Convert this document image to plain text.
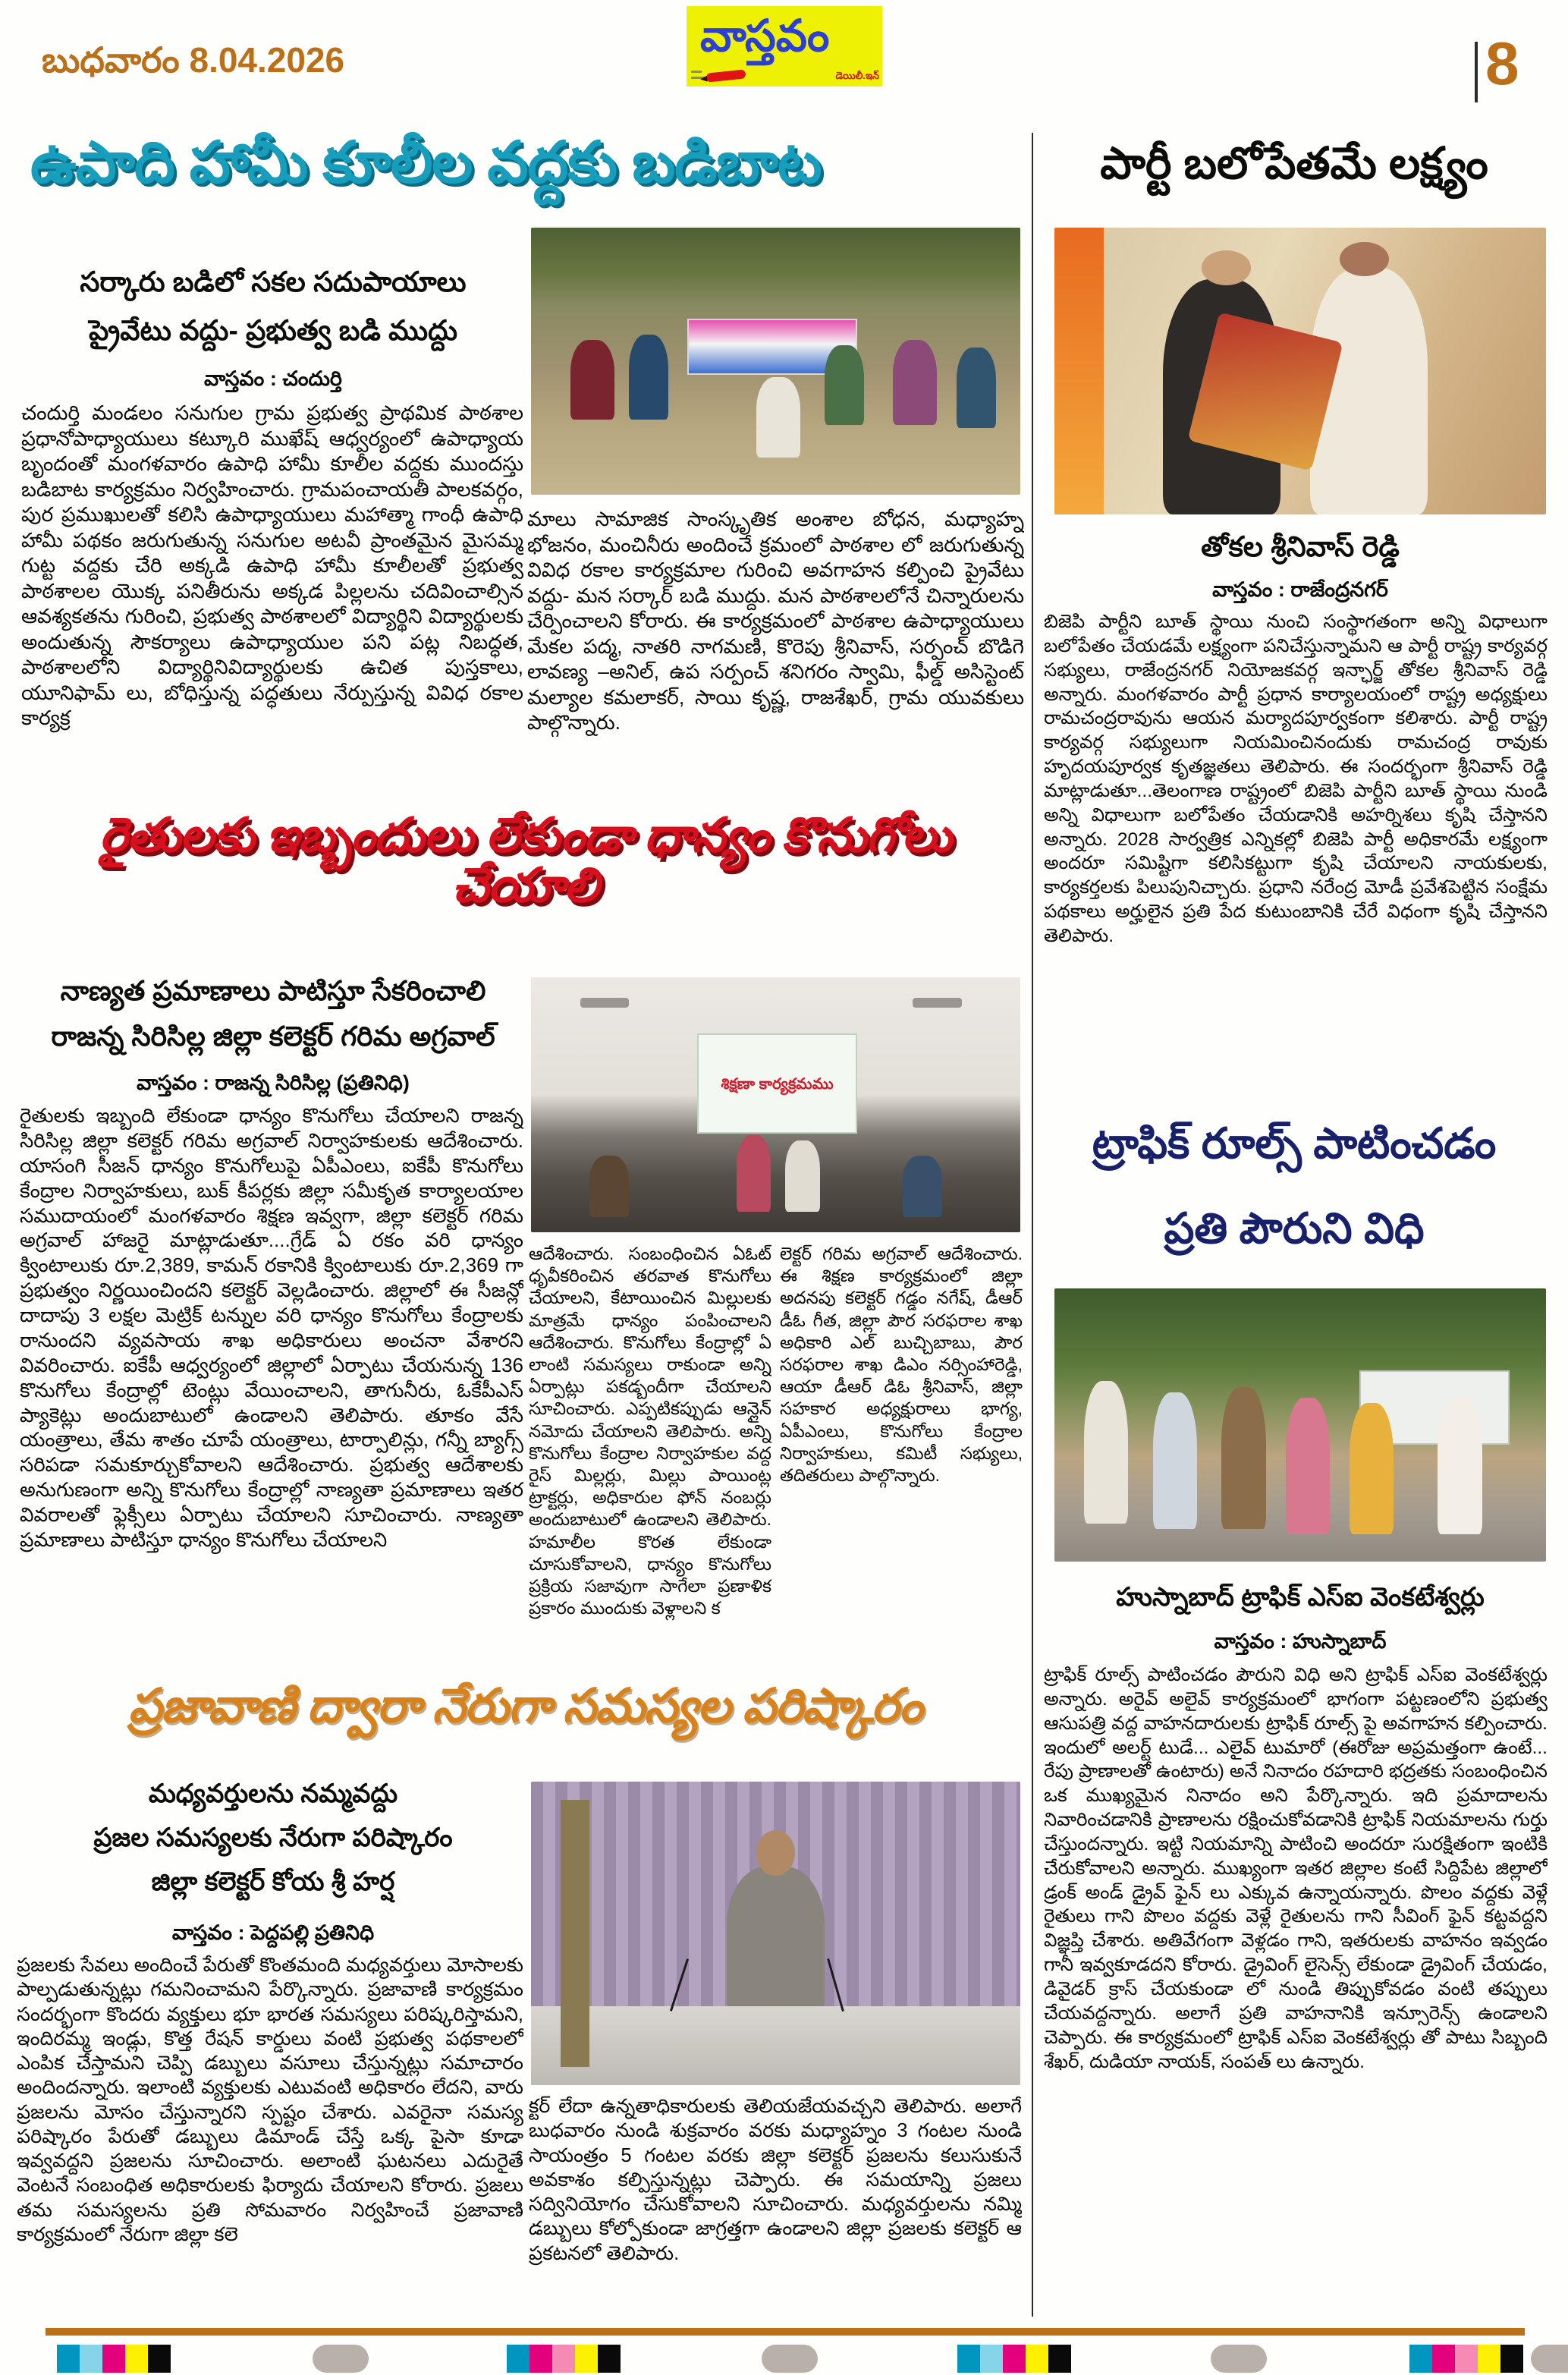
బుధవారం 8.04.2026	వాస్తవం
డెయిలీ.ఇన్	8
ఉపాది హామీ కూలీల వద్దకు బడిబాట
సర్కారు బడిలో సకల సదుపాయాలు
ప్రైవేటు వద్దు- ప్రభుత్వ బడి ముద్దు
వాస్తవం : చందుర్తి
చందుర్తి మండలం సనుగుల గ్రామ ప్రభుత్వ ప్రాథమిక పాఠశాల ప్రధానోపాధ్యాయులు కట్కూరి ముఖేష్ ఆధ్వర్యంలో ఉపాధ్యాయ బృందంతో మంగళవారం ఉపాధి హామీ కూలీల వద్దకు ముందస్తు బడిబాట కార్యక్రమం నిర్వహించారు. గ్రామపంచాయతీ పాలకవర్గం, పుర ప్రముఖులతో కలిసి ఉపాధ్యాయులు మహాత్మా గాంధీ ఉపాధి హామీ పథకం జరుగుతున్న సనుగుల అటవీ ప్రాంతమైన మైసమ్మ గుట్ట వద్దకు చేరి అక్కడి ఉపాధి హామీ కూలీలతో ప్రభుత్వ పాఠశాలల యొక్క పనితీరును అక్కడ పిల్లలను చదివించాల్సిన ఆవశ్యకతను గురించి, ప్రభుత్వ పాఠశాలలో విద్యార్థిని విద్యార్థులకు అందుతున్న సౌకర్యాలు ఉపాధ్యాయుల పని పట్ల నిబద్ధత, పాఠశాలలోని విద్యార్థినివిద్యార్థులకు ఉచిత పుస్తకాలు, యూనిఫామ్ లు, బోధిస్తున్న పద్ధతులు నేర్పుస్తున్న వివిధ రకాల కార్యక్ర
మాలు సామాజిక సాంస్కృతిక అంశాల బోధన, మధ్యాహ్న భోజనం, మంచినీరు అందించే క్రమంలో పాఠశాల లో జరుగుతున్న వివిధ రకాల కార్యక్రమాల గురించి అవగాహన కల్పించి ప్రైవేటు వద్దు- మన సర్కార్ బడి ముద్దు. మన పాఠశాలలోనే చిన్నారులను చేర్పించాలని కోరారు. ఈ కార్యక్రమంలో పాఠశాల ఉపాధ్యాయులు మేకల పద్మ, నాతరి నాగమణి, కొరెపు శ్రీనివాస్, సర్పంచ్ బొడిగె లావణ్య –అనిల్, ఉప సర్పంచ్ శనిగరం స్వామి, ఫీల్డ్ అసిస్టెంట్ మల్యాల కమలాకర్, సాయి కృష్ణ, రాజశేఖర్, గ్రామ యువకులు పాల్గొన్నారు.
పార్టీ బలోపేతమే లక్ష్యం
తోకల శ్రీనివాస్ రెడ్డి
వాస్తవం : రాజేంద్రనగర్
బిజెపి పార్టీని బూత్ స్థాయి నుంచి సంస్థాగతంగా అన్ని విధాలుగా బలోపేతం చేయడమే లక్ష్యంగా పనిచేస్తున్నామని ఆ పార్టీ రాష్ట్ర కార్యవర్గ సభ్యులు, రాజేంద్రనగర్ నియోజకవర్గ ఇన్ఛార్జ్ తోకల శ్రీనివాస్ రెడ్డి అన్నారు. మంగళవారం పార్టీ ప్రధాన కార్యాలయంలో రాష్ట్ర అధ్యక్షులు రామచంద్రరావును ఆయన మర్యాదపూర్వకంగా కలిశారు. పార్టీ రాష్ట్ర కార్యవర్గ సభ్యులుగా నియమించినందుకు రామచంద్ర రావుకు హృదయపూర్వక కృతజ్ఞతలు తెలిపారు. ఈ సందర్భంగా శ్రీనివాస్ రెడ్డి మాట్లాడుతూ...తెలంగాణ రాష్ట్రంలో బిజెపి పార్టీని బూత్ స్థాయి నుండి అన్ని విధాలుగా బలోపేతం చేయడానికి అహర్నిశలు కృషి చేస్తానని అన్నారు. 2028 సార్వత్రిక ఎన్నికల్లో బిజెపి పార్టీ అధికారమే లక్ష్యంగా అందరూ సమిష్టిగా కలిసికట్టుగా కృషి చేయాలని నాయకులకు, కార్యకర్తలకు పిలుపునిచ్చారు. ప్రధాని నరేంద్ర మోడీ ప్రవేశపెట్టిన సంక్షేమ పథకాలు అర్హులైన ప్రతి పేద కుటుంబానికి చేరే విధంగా కృషి చేస్తానని తెలిపారు.
రైతులకు ఇబ్బందులు లేకుండా ధాన్యం కొనుగోలు చేయాలి
నాణ్యత ప్రమాణాలు పాటిస్తూ సేకరించాలి
రాజన్న సిరిసిల్ల జిల్లా కలెక్టర్ గరిమ అగ్రవాల్
వాస్తవం : రాజన్న సిరిసిల్ల (ప్రతినిధి)
రైతులకు ఇబ్బంది లేకుండా ధాన్యం కొనుగోలు చేయాలని రాజన్న సిరిసిల్ల జిల్లా కలెక్టర్ గరిమ అగ్రవాల్ నిర్వాహకులకు ఆదేశించారు. యాసంగి సీజన్ ధాన్యం కొనుగోలుపై ఏపీఎంలు, ఐకేపీ కొనుగోలు కేంద్రాల నిర్వాహకులు, బుక్ కీపర్లకు జిల్లా సమీకృత కార్యాలయాల సముదాయంలో మంగళవారం శిక్షణ ఇవ్వగా, జిల్లా కలెక్టర్ గరిమ అగ్రవాల్ హాజరై మాట్లాడుతూ....గ్రేడ్ ఏ రకం వరి ధాన్యం క్వింటాలుకు రూ.2,389, కామన్ రకానికి క్వింటాలుకు రూ.2,369 గా ప్రభుత్వం నిర్ణయించిందని కలెక్టర్ వెల్లడించారు. జిల్లాలో ఈ సీజన్లో దాదాపు 3 లక్షల మెట్రిక్ టన్నుల వరి ధాన్యం కొనుగోలు కేంద్రాలకు రానుందని వ్యవసాయ శాఖ అధికారులు అంచనా వేశారని వివరించారు. ఐకేపీ ఆధ్వర్యంలో జిల్లాలో ఏర్పాటు చేయనున్న 136 కొనుగోలు కేంద్రాల్లో టెంట్లు వేయించాలని, తాగునీరు, ఓకేపీఎస్ ప్యాకెట్లు అందుబాటులో ఉండాలని తెలిపారు. తూకం వేసే యంత్రాలు, తేమ శాతం చూపే యంత్రాలు, టార్పాలిన్లు, గన్నీ బ్యాగ్స్ సరిపడా సమకూర్చుకోవాలని ఆదేశించారు. ప్రభుత్వ ఆదేశాలకు అనుగుణంగా అన్ని కొనుగోలు కేంద్రాల్లో నాణ్యతా ప్రమాణాలు ఇతర వివరాలతో ఫ్లెక్సీలు ఏర్పాటు చేయాలని సూచించారు. నాణ్యతా ప్రమాణాలు పాటిస్తూ ధాన్యం కొనుగోలు చేయాలని
శిక్షణా కార్యక్రమము
ఆదేశించారు. సంబంధించిన ఏఓట్ ధృవీకరించిన తరవాత కొనుగోలు చేయాలని, కేటాయించిన మిల్లులకు మాత్రమే ధాన్యం పంపించాలని ఆదేశించారు. కొనుగోలు కేంద్రాల్లో ఏ లాంటి సమస్యలు రాకుండా అన్ని ఏర్పాట్లు పకడ్బందీగా చేయాలని సూచించారు. ఎప్పటికప్పుడు ఆన్లైన్ నమోదు చేయాలని తెలిపారు. అన్ని కొనుగోలు కేంద్రాల నిర్వాహకుల వద్ద రైస్ మిల్లర్లు, మిల్లు పాయింట్ల ట్రాక్టర్లు, అధికారుల ఫోన్ నంబర్లు అందుబాటులో ఉండాలని తెలిపారు. హమాలీల కొరత లేకుండా చూసుకోవాలని, ధాన్యం కొనుగోలు ప్రక్రియ సజావుగా సాగేలా ప్రణాళిక ప్రకారం ముందుకు వెళ్లాలని క
లెక్టర్ గరిమ అగ్రవాల్ ఆదేశించారు. ఈ శిక్షణ కార్యక్రమంలో జిల్లా అదనపు కలెక్టర్ గడ్డం నగేష్, డీఆర్ డీఓ గీత, జిల్లా పౌర సరఫరాల శాఖ అధికారి ఎల్ బుచ్చిబాబు, పౌర సరఫరాల శాఖ డిఎం నర్సింహారెడ్డి, ఆయా డీఆర్ డిఓ శ్రీనివాస్, జిల్లా సహకార అధ్యక్షురాలు భాగ్య, ఏపీఎంలు, కొనుగోలు కేంద్రాల నిర్వాహకులు, కమిటీ సభ్యులు, తదితరులు పాల్గొన్నారు.
ట్రాఫిక్ రూల్స్ పాటించడం
ప్రతి పౌరుని విధి
హుస్నాబాద్ ట్రాఫిక్ ఎస్ఐ వెంకటేశ్వర్లు
వాస్తవం : హుస్నాబాద్
ట్రాఫిక్ రూల్స్ పాటించడం పౌరుని విధి అని ట్రాఫిక్ ఎస్ఐ వెంకటేశ్వర్లు అన్నారు. అరైవ్ అలైవ్ కార్యక్రమంలో భాగంగా పట్టణంలోని ప్రభుత్వ ఆసుపత్రి వద్ద వాహనదారులకు ట్రాఫిక్ రూల్స్ పై అవగాహన కల్పించారు. ఇందులో అలర్ట్ టుడే... ఎలైవ్ టుమారో (ఈరోజు అప్రమత్తంగా ఉంటే... రేపు ప్రాణాలతో ఉంటారు) అనే నినాదం రహదారి భద్రతకు సంబంధించిన ఒక ముఖ్యమైన నినాదం అని పేర్కొన్నారు. ఇది ప్రమాదాలను నివారించడానికి ప్రాణాలను రక్షించుకోవడానికి ట్రాఫిక్ నియమాలను గుర్తు చేస్తుందన్నారు. ఇట్టి నియమాన్ని పాటించి అందరూ సురక్షితంగా ఇంటికి చేరుకోవాలని అన్నారు. ముఖ్యంగా ఇతర జిల్లాల కంటే సిద్దిపేట జిల్లాలో డ్రంక్ అండ్ డ్రైవ్ ఫైన్ లు ఎక్కువ ఉన్నాయన్నారు. పొలం వద్దకు వెళ్లే రైతులు గాని పొలం వద్దకు వెళ్లే రైతులను గాని సీవింగ్ ఫైన్ కట్టవద్దని విజ్ఞప్తి చేశారు. అతివేగంగా వెళ్లడం గాని, ఇతరులకు వాహనం ఇవ్వడం గానీ ఇవ్వకూడదని కోరారు. డ్రైవింగ్ లైసెన్స్ లేకుండా డ్రైవింగ్ చేయడం, డివైడర్ క్రాస్ చేయకుండా లో నుండి తిప్పుకోవడం వంటి తప్పులు చేయవద్దన్నారు. అలాగే ప్రతి వాహనానికి ఇన్సూరెన్స్ ఉండాలని చెప్పారు. ఈ కార్యక్రమంలో ట్రాఫిక్ ఎస్ఐ వెంకటేశ్వర్లు తో పాటు సిబ్బంది శేఖర్, దుడియా నాయక్, సంపత్ లు ఉన్నారు.
ప్రజావాణి ద్వారా నేరుగా సమస్యల పరిష్కారం
మధ్యవర్తులను నమ్మవద్దు
ప్రజల సమస్యలకు నేరుగా పరిష్కారం
జిల్లా కలెక్టర్ కోయ శ్రీ హర్ష
వాస్తవం : పెద్దపల్లి ప్రతినిధి
ప్రజలకు సేవలు అందించే పేరుతో కొంతమంది మధ్యవర్తులు మోసాలకు పాల్పడుతున్నట్లు గమనించామని పేర్కొన్నారు. ప్రజావాణి కార్యక్రమం సందర్భంగా కొందరు వ్యక్తులు భూ భారత సమస్యలు పరిష్కరిస్తామని, ఇందిరమ్మ ఇండ్లు, కొత్త రేషన్ కార్డులు వంటి ప్రభుత్వ పథకాలలో ఎంపిక చేస్తామని చెప్పి డబ్బులు వసూలు చేస్తున్నట్లు సమాచారం అందిందన్నారు. ఇలాంటి వ్యక్తులకు ఎటువంటి అధికారం లేదని, వారు ప్రజలను మోసం చేస్తున్నారని స్పష్టం చేశారు. ఎవరైనా సమస్య పరిష్కారం పేరుతో డబ్బులు డిమాండ్ చేస్తే ఒక్క పైసా కూడా ఇవ్వవద్దని ప్రజలను సూచించారు. అలాంటి ఘటనలు ఎదురైతే వెంటనే సంబంధిత అధికారులకు ఫిర్యాదు చేయాలని కోరారు. ప్రజలు తమ సమస్యలను ప్రతి సోమవారం నిర్వహించే ప్రజావాణి కార్యక్రమంలో నేరుగా జిల్లా కలె
క్టర్ లేదా ఉన్నతాధికారులకు తెలియజేయవచ్చని తెలిపారు. అలాగే బుధవారం నుండి శుక్రవారం వరకు మధ్యాహ్నం 3 గంటల నుండి సాయంత్రం 5 గంటల వరకు జిల్లా కలెక్టర్ ప్రజలను కలుసుకునే అవకాశం కల్పిస్తున్నట్లు చెప్పారు. ఈ సమయాన్ని ప్రజలు సద్వినియోగం చేసుకోవాలని సూచించారు. మధ్యవర్తులను నమ్మి డబ్బులు కోల్పోకుండా జాగ్రత్తగా ఉండాలని జిల్లా ప్రజలకు కలెక్టర్ ఆ ప్రకటనలో తెలిపారు.
